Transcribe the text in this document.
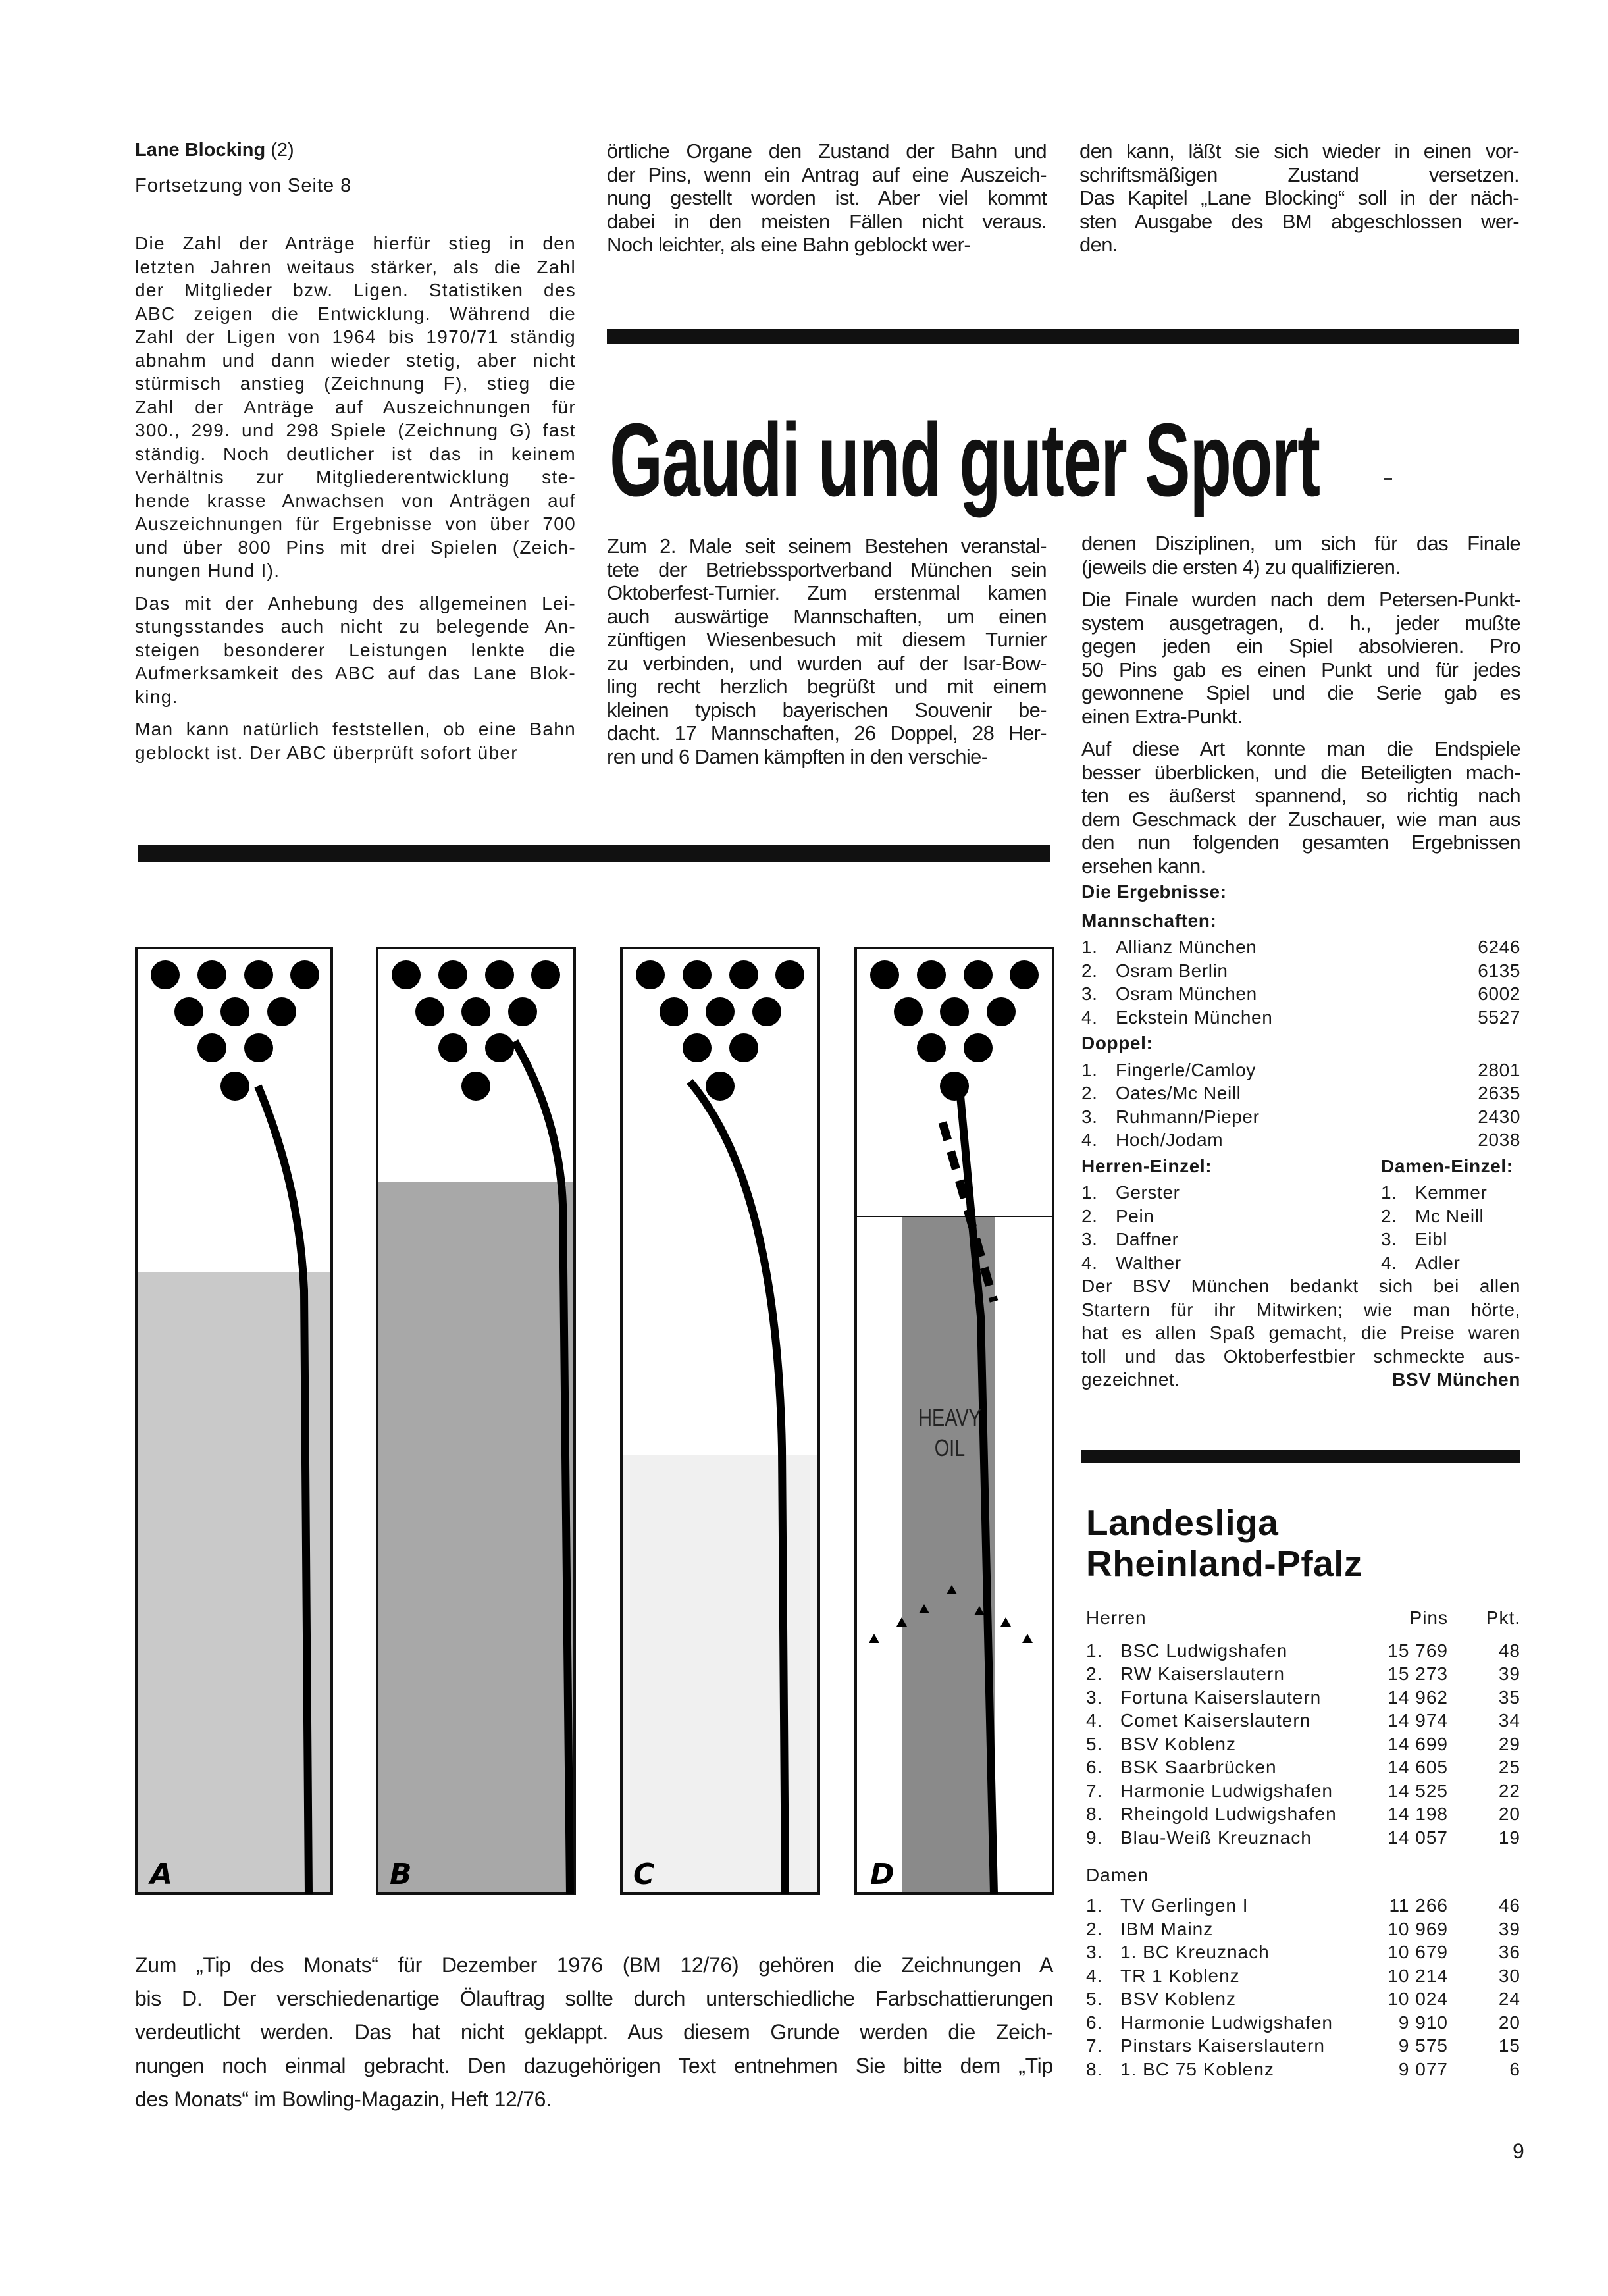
Lane Blocking (2)
Fortsetzung von Seite 8
Die Zahl der Anträge hierfür stieg in den
letzten Jahren weitaus stärker, als die Zahl
der Mitglieder bzw. Ligen. Statistiken des
ABC zeigen die Entwicklung. Während die
Zahl der Ligen von 1964 bis 1970/71 ständig
abnahm und dann wieder stetig, aber nicht
stürmisch anstieg (Zeichnung F), stieg die
Zahl der Anträge auf Auszeichnungen für
300., 299. und 298 Spiele (Zeichnung G) fast
ständig. Noch deutlicher ist das in keinem
Verhältnis zur Mitgliederentwicklung ste-
hende krasse Anwachsen von Anträgen auf
Auszeichnungen für Ergebnisse von über 700
und über 800 Pins mit drei Spielen (Zeich-
nungen Hund I).
Das mit der Anhebung des allgemeinen Lei-
stungsstandes auch nicht zu belegende An-
steigen besonderer Leistungen lenkte die
Aufmerksamkeit des ABC auf das Lane Blok-
king.
Man kann natürlich feststellen, ob eine Bahn
geblockt ist. Der ABC überprüft sofort über
örtliche Organe den Zustand der Bahn und
der Pins, wenn ein Antrag auf eine Auszeich-
nung gestellt worden ist. Aber viel kommt
dabei in den meisten Fällen nicht veraus.
Noch leichter, als eine Bahn geblockt wer-
den kann, läßt sie sich wieder in einen vor-
schriftsmäßigen Zustand versetzen.
Das Kapitel „Lane Blocking“ soll in der näch-
sten Ausgabe des BM abgeschlossen wer-
den.
Gaudi und guter Sport
Zum 2. Male seit seinem Bestehen veranstal-
tete der Betriebssportverband München sein
Oktoberfest-Turnier. Zum erstenmal kamen
auch auswärtige Mannschaften, um einen
zünftigen Wiesenbesuch mit diesem Turnier
zu verbinden, und wurden auf der Isar-Bow-
ling recht herzlich begrüßt und mit einem
kleinen typisch bayerischen Souvenir be-
dacht. 17 Mannschaften, 26 Doppel, 28 Her-
ren und 6 Damen kämpften in den verschie-
denen Disziplinen, um sich für das Finale
(jeweils die ersten 4) zu qualifizieren.
Die Finale wurden nach dem Petersen-Punkt-
system ausgetragen, d. h., jeder mußte
gegen jeden ein Spiel absolvieren. Pro
50 Pins gab es einen Punkt und für jedes
gewonnene Spiel und die Serie gab es
einen Extra-Punkt.
Auf diese Art konnte man die Endspiele
besser überblicken, und die Beteiligten mach-
ten es äußerst spannend, so richtig nach
dem Geschmack der Zuschauer, wie man aus
den nun folgenden gesamten Ergebnissen
ersehen kann.
Die Ergebnisse:
Mannschaften:
1. Allianz München	6246
2. Osram Berlin	6135
3. Osram München	6002
4. Eckstein München	5527
Doppel:
1. Fingerle/Camloy	2801
2. Oates/Mc Neill	2635
3. Ruhmann/Pieper	2430
4. Hoch/Jodam	2038
Herren-Einzel:
1. Gerster
2. Pein
3. Daffner
4. Walther
Damen-Einzel:
1. Kemmer
2. Mc Neill
3. Eibl
4. Adler
Der BSV München bedankt sich bei allen
Startern für ihr Mitwirken; wie man hörte,
hat es allen Spaß gemacht, die Preise waren
toll und das Oktoberfestbier schmeckte aus-
gezeichnet.	BSV München
Landesliga
Rheinland-Pfalz
Herren	Pins	Pkt.
1. BSC Ludwigshafen	15 769	48
2. RW Kaiserslautern	15 273	39
3. Fortuna Kaiserslautern	14 962	35
4. Comet Kaiserslautern	14 974	34
5. BSV Koblenz	14 699	29
6. BSK Saarbrücken	14 605	25
7. Harmonie Ludwigshafen	14 525	22
8. Rheingold Ludwigshafen	14 198	20
9. Blau-Weiß Kreuznach	14 057	19
Damen
1. TV Gerlingen I	11 266	46
2. IBM Mainz	10 969	39
3. 1. BC Kreuznach	10 679	36
4. TR 1 Koblenz	10 214	30
5. BSV Koblenz	10 024	24
6. Harmonie Ludwigshafen	9 910	20
7. Pinstars Kaiserslautern	9 575	15
8. 1. BC 75 Koblenz	9 077	6
HEAVY
OIL
A	B	C	D
Zum „Tip des Monats“ für Dezember 1976 (BM 12/76) gehören die Zeichnungen A
bis D. Der verschiedenartige Ölauftrag sollte durch unterschiedliche Farbschattierungen
verdeutlicht werden. Das hat nicht geklappt. Aus diesem Grunde werden die Zeich-
nungen noch einmal gebracht. Den dazugehörigen Text entnehmen Sie bitte dem „Tip
des Monats“ im Bowling-Magazin, Heft 12/76.
9
